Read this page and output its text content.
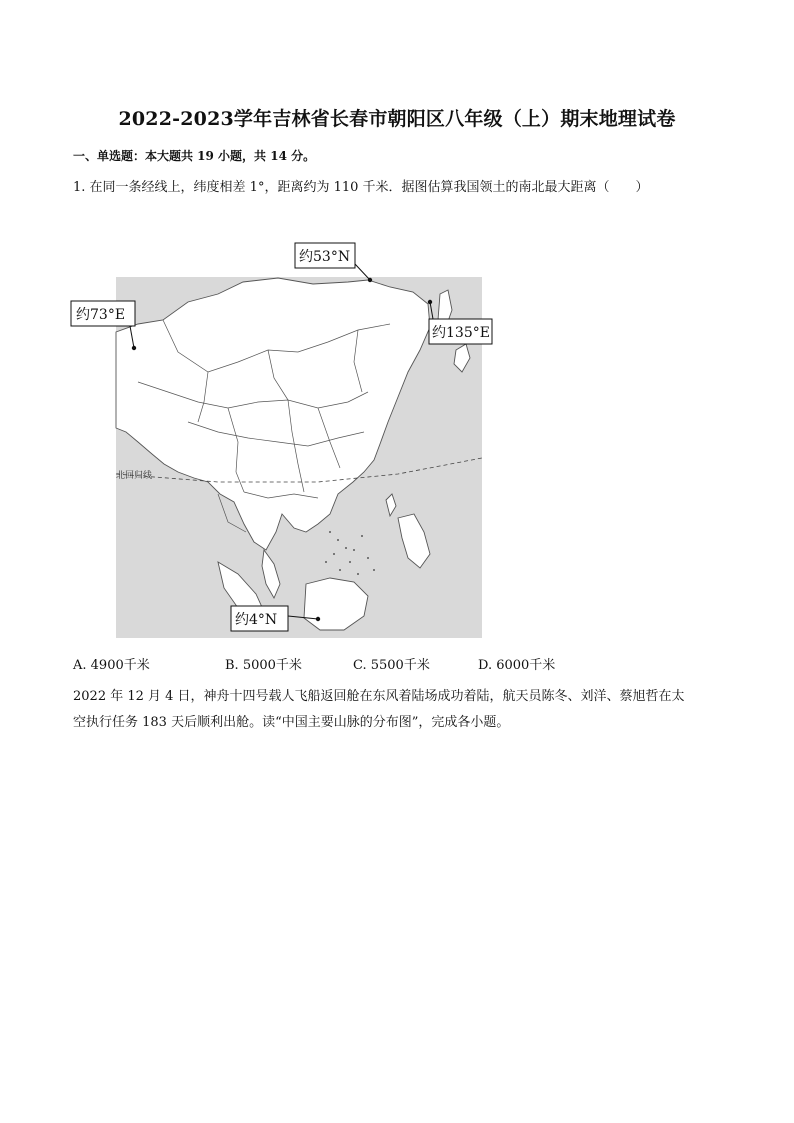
2022-2023学年吉林省长春市朝阳区八年级（上）期末地理试卷
一、单选题：本大题共 19 小题，共 14 分。
1. 在同一条经线上，纬度相差 1°，距离约为 110 千米．据图估算我国领土的南北最大距离（　　）
北回归线
约53°N
约73°E
约135°E
约4°N
A. 4900千米	B. 5000千米	C. 5500千米	D. 6000千米
2022 年 12 月 4 日，神舟十四号载人飞船返回舱在东风着陆场成功着陆，航天员陈冬、刘洋、蔡旭哲在太
空执行任务 183 天后顺利出舱。读“中国主要山脉的分布图”，完成各小题。
